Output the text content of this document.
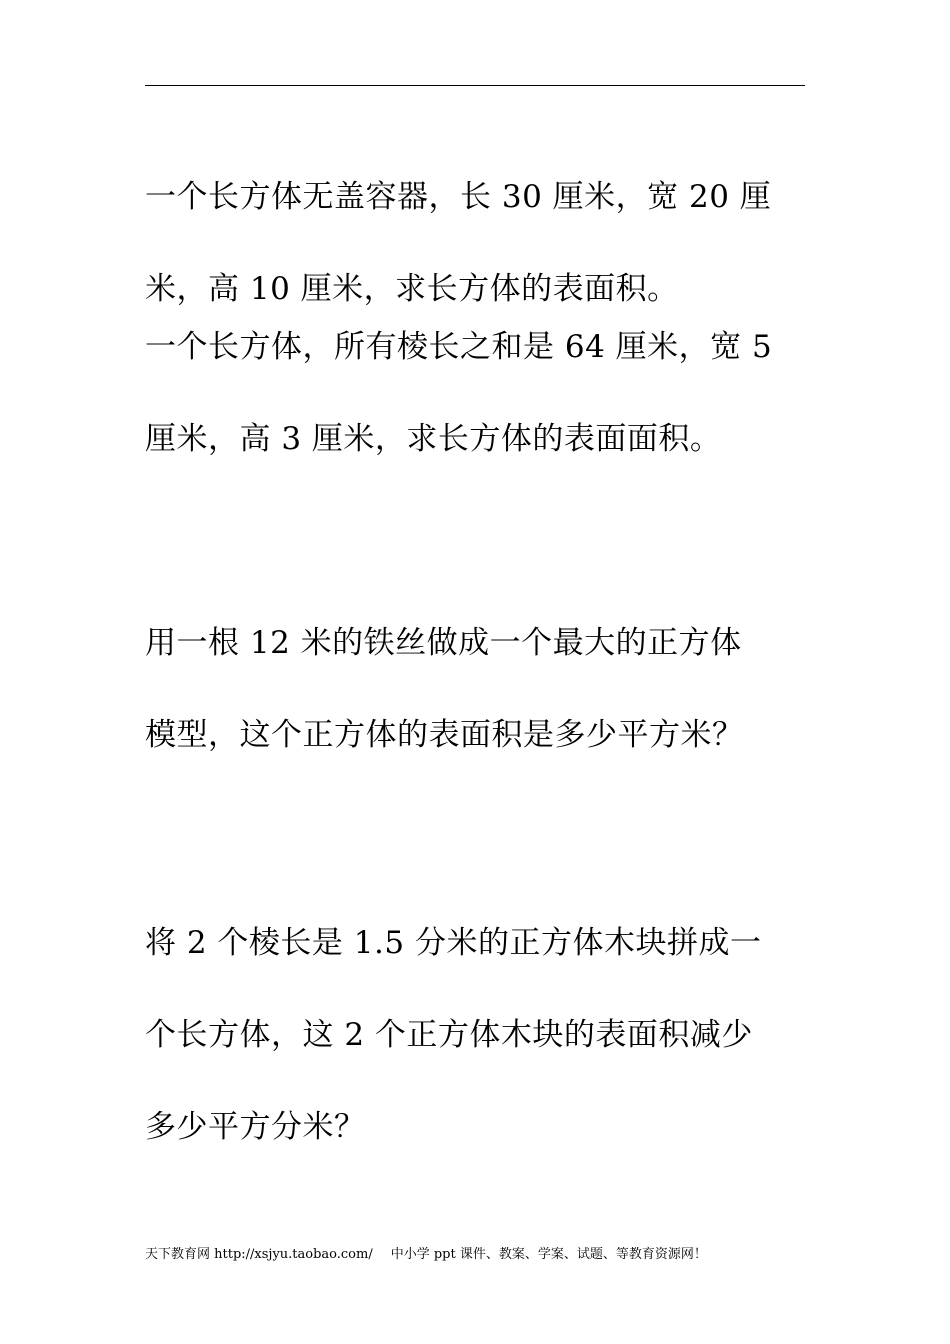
一个长方体无盖容器，长 30 厘米，宽 20 厘

米，高 10 厘米，求长方体的表面积。

一个长方体，所有棱长之和是 64 厘米，宽 5

厘米，高 3 厘米，求长方体的表面面积。

用一根 12 米的铁丝做成一个最大的正方体

模型，这个正方体的表面积是多少平方米？

将 2 个棱长是 1.5 分米的正方体木块拼成一

个长方体，这 2 个正方体木块的表面积减少

多少平方分米？

天下教育网 http://xsjyu.taobao.com/ 中小学 ppt 课件、教案、学案、试题、等教育资源网！
